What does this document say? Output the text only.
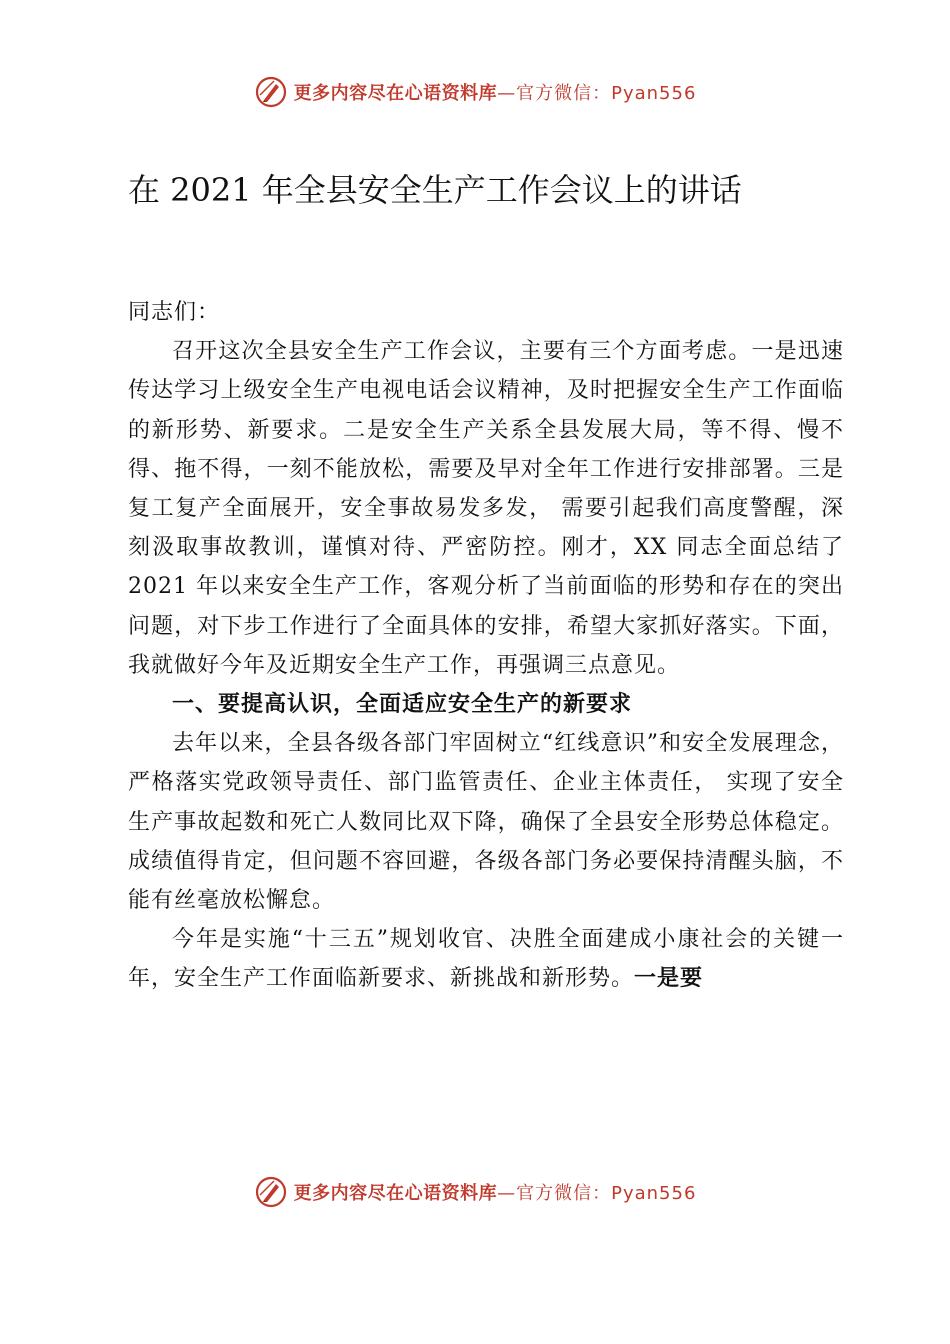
更多内容尽在心语资料库 —官方微信：Pyan556
在 2021 年全县安全生产工作会议上的讲话

同志们：

召开这次全县安全生产工作会议，主要有三个方面考虑。一是迅速传达学习上级安全生产电视电话会议精神，及时把握安全生产工作面临的新形势、新要求。二是安全生产关系全县发展大局，等不得、慢不得、拖不得，一刻不能放松，需要及早对全年工作进行安排部署。三是复工复产全面展开，安全事故易发多发， 需要引起我们高度警醒，深刻汲取事故教训，谨慎对待、严密防控。刚才，XX 同志全面总结了 2021 年以来安全生产工作，客观分析了当前面临的形势和存在的突出问题，对下步工作进行了全面具体的安排，希望大家抓好落实。下面，我就做好今年及近期安全生产工作，再强调三点意见。

一、要提高认识，全面适应安全生产的新要求

去年以来，全县各级各部门牢固树立“红线意识”和安全发展理念，严格落实党政领导责任、部门监管责任、企业主体责任， 实现了安全生产事故起数和死亡人数同比双下降，确保了全县安全形势总体稳定。成绩值得肯定，但问题不容回避，各级各部门务必要保持清醒头脑，不能有丝毫放松懈怠。

今年是实施“十三五”规划收官、决胜全面建成小康社会的关键一年，安全生产工作面临新要求、新挑战和新形势。一是要

更多内容尽在心语资料库 —官方微信：Pyan556
